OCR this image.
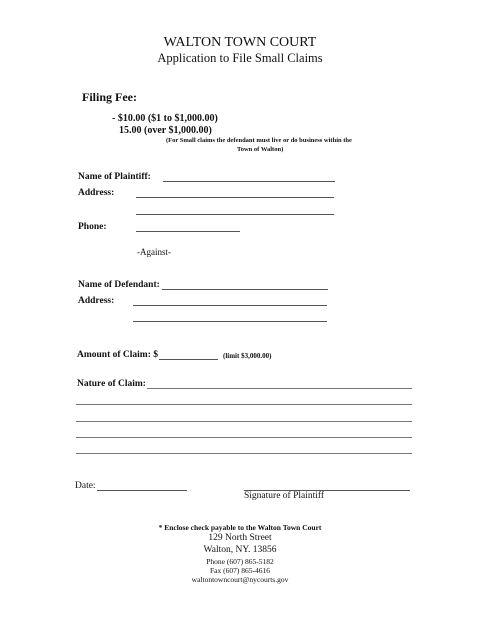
WALTON TOWN COURT
Application to File Small Claims
Filing Fee:
- $10.00 ($1 to $1,000.00)
15.00 (over $1,000.00)
(For Small claims the defendant must live or do business within the
Town of Walton)
Name of Plaintiff:
Address:
Phone:
-Against-
Name of Defendant:
Address:
Amount of Claim: $	(limit $3,000.00)
Nature of Claim:
Date:
Signature of Plaintiff
* Enclose check payable to the Walton Town Court
129 North Street
Walton, NY. 13856
Phone (607) 865-5182
Fax (607) 865-4616
waltontowncourt@nycourts.gov
